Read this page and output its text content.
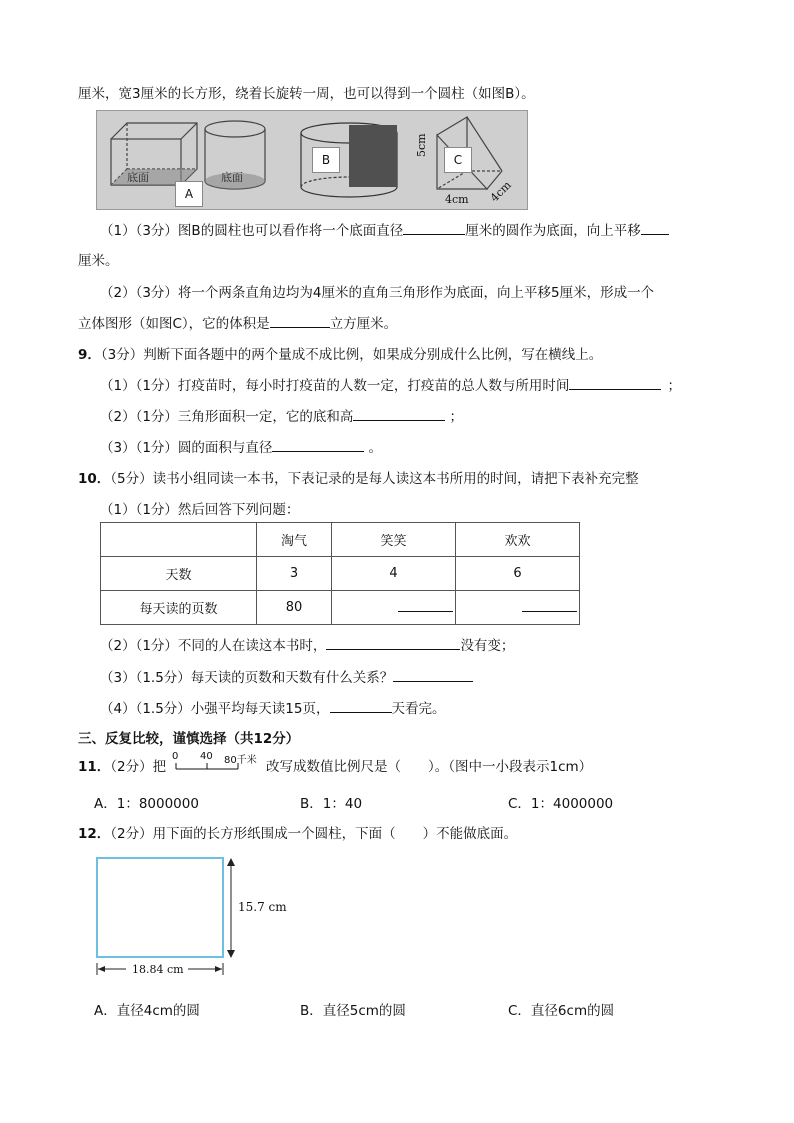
厘米，宽3厘米的长方形，绕着长旋转一周，也可以得到一个圆柱（如图B）。
底面	底面
5cm
4cm 4cm
A
B	C
（1）（3分）图B的圆柱也可以看作将一个底面直径	厘米的圆作为底面，向上平移
厘米。
（2）（3分）将一个两条直角边均为4厘米的直角三角形作为底面，向上平移5厘米，形成一个
立体图形（如图C），它的体积是	立方厘米。
9．（3分）判断下面各题中的两个量成不成比例，如果成分别成什么比例，写在横线上。
（1）（1分）打疫苗时，每小时打疫苗的人数一定，打疫苗的总人数与所用时间	；
（2）（1分）三角形面积一定，它的底和高	；
（3）（1分）圆的面积与直径	。
10．（5分）读书小组同读一本书，下表记录的是每人读这本书所用的时间，请把下表补充完整
（1）（1分）然后回答下列问题：
	淘气	笑笑	欢欢
天数	3	4	6
每天读的页数	80		
（2）（1分）不同的人在读这本书时，	没有变；
（3）（1.5分）每天读的页数和天数有什么关系？
（4）（1.5分）小强平均每天读15页，	天看完。
三、反复比较，谨慎选择（共12分）
11．（2分）把
0 40 80千米 改写成数值比例尺是（　　）。（图中一小段表示1cm）
A．1：8000000	B．1：40	C．1：4000000
12．（2分）用下面的长方形纸围成一个圆柱，下面（　　）不能做底面。
15.7 cm
18.84 cm
A．直径4cm的圆	B．直径5cm的圆	C．直径6cm的圆
